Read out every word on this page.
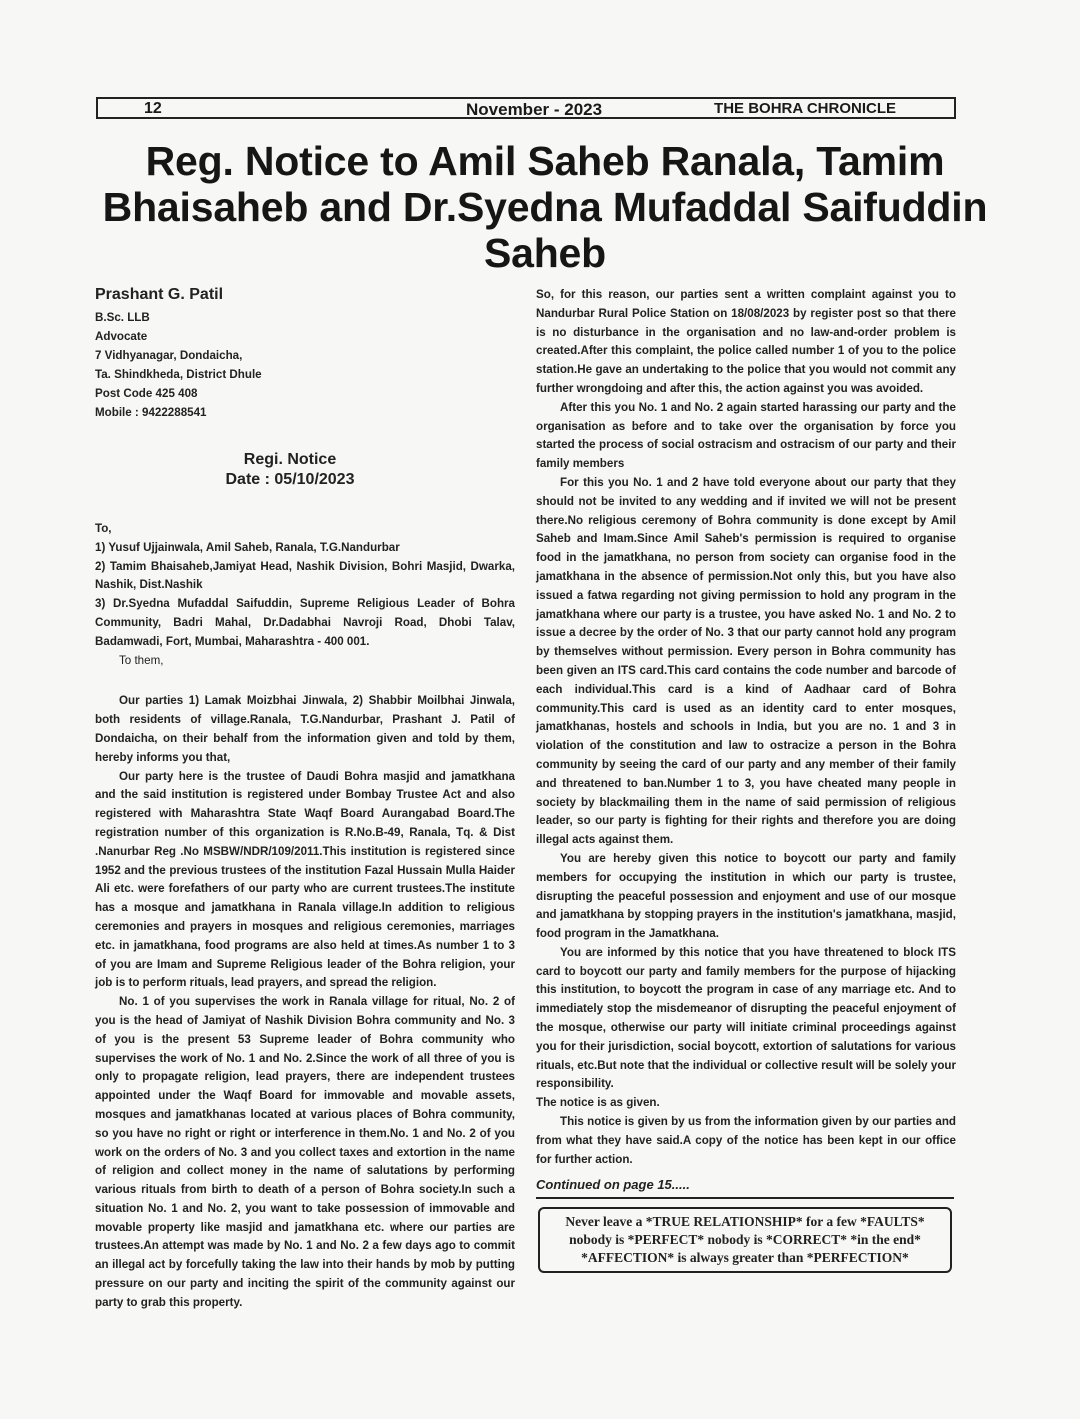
12	November - 2023	THE BOHRA CHRONICLE
Reg. Notice to Amil Saheb Ranala, Tamim Bhaisaheb and Dr.Syedna Mufaddal Saifuddin Saheb
Prashant G. Patil
B.Sc. LLB
Advocate
7 Vidhyanagar, Dondaicha,
Ta. Shindkheda, District Dhule
Post Code 425 408
Mobile : 9422288541
Regi. Notice
Date : 05/10/2023
To,

1) Yusuf Ujjainwala, Amil Saheb, Ranala, T.G.Nandurbar

2) Tamim Bhaisaheb,Jamiyat Head, Nashik Division, Bohri Masjid, Dwarka, Nashik, Dist.Nashik

3) Dr.Syedna Mufaddal Saifuddin, Supreme Religious Leader of Bohra Community, Badri Mahal, Dr.Dadabhai Navroji Road, Dhobi Talav, Badamwadi, Fort, Mumbai, Maharashtra - 400 001.

To them,

Our parties 1) Lamak Moizbhai Jinwala, 2) Shabbir Moilbhai Jinwala, both residents of village.Ranala, T.G.Nandurbar, Prashant J. Patil of Dondaicha, on their behalf from the information given and told by them, hereby informs you that,

Our party here is the trustee of Daudi Bohra masjid and jamatkhana and the said institution is registered under Bombay Trustee Act and also registered with Maharashtra State Waqf Board Aurangabad Board.The registration number of this organization is R.No.B-49, Ranala, Tq. & Dist .Nanurbar Reg .No MSBW/NDR/109/2011.This institution is registered since 1952 and the previous trustees of the institution Fazal Hussain Mulla Haider Ali etc. were forefathers of our party who are current trustees.The institute has a mosque and jamatkhana in Ranala village.In addition to religious ceremonies and prayers in mosques and religious ceremonies, marriages etc. in jamatkhana, food programs are also held at times.As number 1 to 3 of you are Imam and Supreme Religious leader of the Bohra religion, your job is to perform rituals, lead prayers, and spread the religion.

No. 1 of you supervises the work in Ranala village for ritual, No. 2 of you is the head of Jamiyat of Nashik Division Bohra community and No. 3 of you is the present 53 Supreme leader of Bohra community who supervises the work of No. 1 and No. 2.Since the work of all three of you is only to propagate religion, lead prayers, there are independent trustees appointed under the Waqf Board for immovable and movable assets, mosques and jamatkhanas located at various places of Bohra community, so you have no right or right or interference in them.No. 1 and No. 2 of you work on the orders of No. 3 and you collect taxes and extortion in the name of religion and collect money in the name of salutations by performing various rituals from birth to death of a person of Bohra society.In such a situation No. 1 and No. 2, you want to take possession of immovable and movable property like masjid and jamatkhana etc. where our parties are trustees.An attempt was made by No. 1 and No. 2 a few days ago to commit an illegal act by forcefully taking the law into their hands by mob by putting pressure on our party and inciting the spirit of the community against our party to grab this property.

So, for this reason, our parties sent a written complaint against you to Nandurbar Rural Police Station on 18/08/2023 by register post so that there is no disturbance in the organisation and no law-and-order problem is created.After this complaint, the police called number 1 of you to the police station.He gave an undertaking to the police that you would not commit any further wrongdoing and after this, the action against you was avoided.

After this you No. 1 and No. 2 again started harassing our party and the organisation as before and to take over the organisation by force you started the process of social ostracism and ostracism of our party and their family members

For this you No. 1 and 2 have told everyone about our party that they should not be invited to any wedding and if invited we will not be present there.No religious ceremony of Bohra community is done except by Amil Saheb and Imam.Since Amil Saheb's permission is required to organise food in the jamatkhana, no person from society can organise food in the jamatkhana in the absence of permission.Not only this, but you have also issued a fatwa regarding not giving permission to hold any program in the jamatkhana where our party is a trustee, you have asked No. 1 and No. 2 to issue a decree by the order of No. 3 that our party cannot hold any program by themselves without permission. Every person in Bohra community has been given an ITS card.This card contains the code number and barcode of each individual.This card is a kind of Aadhaar card of Bohra community.This card is used as an identity card to enter mosques, jamatkhanas, hostels and schools in India, but you are no. 1 and 3 in violation of the constitution and law to ostracize a person in the Bohra community by seeing the card of our party and any member of their family and threatened to ban.Number 1 to 3, you have cheated many people in society by blackmailing them in the name of said permission of religious leader, so our party is fighting for their rights and therefore you are doing illegal acts against them.

You are hereby given this notice to boycott our party and family members for occupying the institution in which our party is trustee, disrupting the peaceful possession and enjoyment and use of our mosque and jamatkhana by stopping prayers in the institution's jamatkhana, masjid, food program in the Jamatkhana.

You are informed by this notice that you have threatened to block ITS card to boycott our party and family members for the purpose of hijacking this institution, to boycott the program in case of any marriage etc. And to immediately stop the misdemeanor of disrupting the peaceful enjoyment of the mosque, otherwise our party will initiate criminal proceedings against you for their jurisdiction, social boycott, extortion of salutations for various rituals, etc.But note that the individual or collective result will be solely your responsibility.

The notice is as given.

This notice is given by us from the information given by our parties and from what they have said.A copy of the notice has been kept in our office for further action.

Continued on page 15.....
Never leave a *TRUE RELATIONSHIP* for a few *FAULTS*
nobody is *PERFECT* nobody is *CORRECT* *in the end*
*AFFECTION* is always greater than *PERFECTION*
